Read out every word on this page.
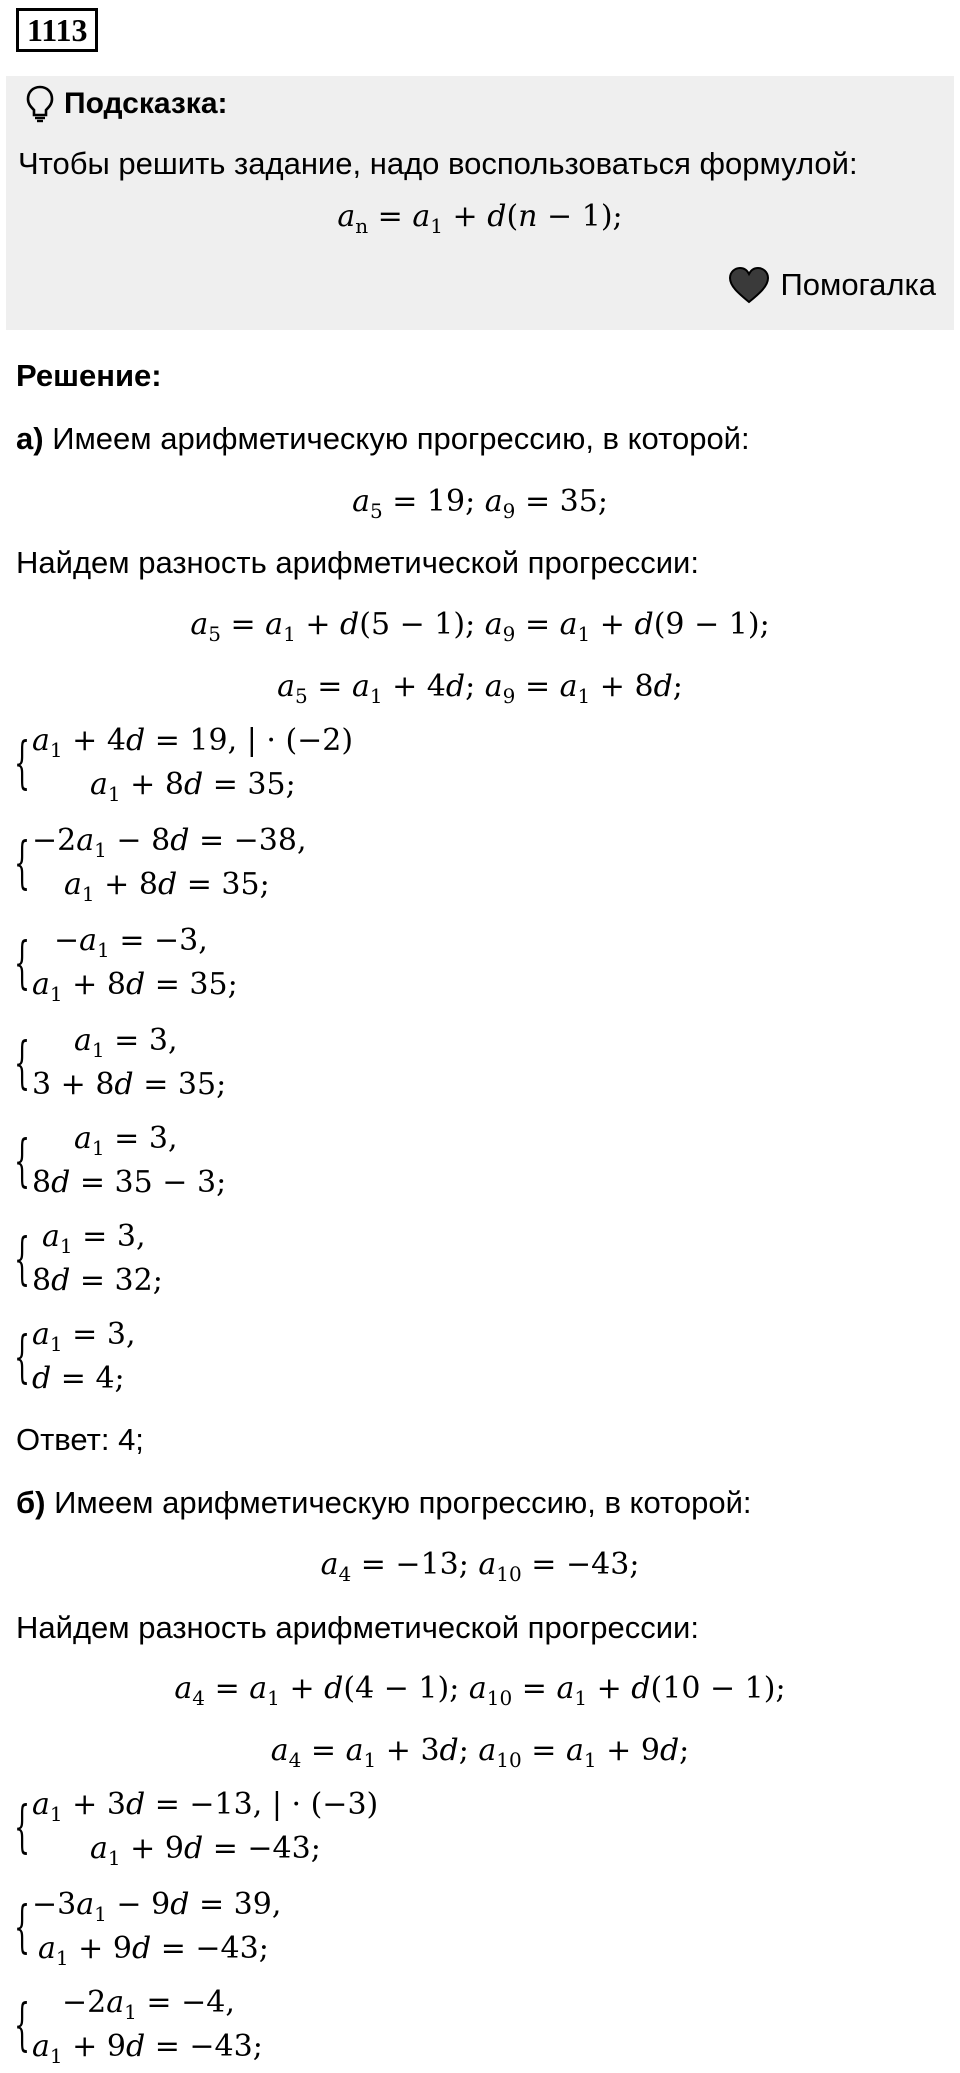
1113
Подсказка:
Чтобы решить задание, надо воспользоваться формулой:
$a_n = a_1 + d(n - 1)$;
Помогалка
Решение:
а) Имеем арифметическую прогрессию, в которой:
$a_5 = 19$; $a_9 = 35$;
Найдем разность арифметической прогрессии:
$a_5 = a_1 + d(5 - 1)$; $a_9 = a_1 + d(9 - 1)$;
$a_5 = a_1 + 4d$; $a_9 = a_1 + 8d$;
{ $a_1 + 4d = 19$, | · (−2)
$a_1 + 8d = 35$;
{ $-2a_1 - 8d = -38$,
$a_1 + 8d = 35$;
{ $-a_1 = -3$,
$a_1 + 8d = 35$;
{ $a_1 = 3$,
3 + 8d = 35;
{ $a_1 = 3$,
8d = 35 − 3;
{ $a_1 = 3$,
8d = 32;
{ $a_1 = 3$,
d = 4;
Ответ: 4;
б) Имеем арифметическую прогрессию, в которой:
$a_4 = -13$; $a_{10} = -43$;
Найдем разность арифметической прогрессии:
$a_4 = a_1 + d(4 - 1)$; $a_{10} = a_1 + d(10 - 1)$;
$a_4 = a_1 + 3d$; $a_{10} = a_1 + 9d$;
{ $a_1 + 3d = -13$, | · (−3)
$a_1 + 9d = -43$;
{ $-3a_1 - 9d = 39$,
$a_1 + 9d = -43$;
{ $-2a_1 = -4$,
$a_1 + 9d = -43$;
